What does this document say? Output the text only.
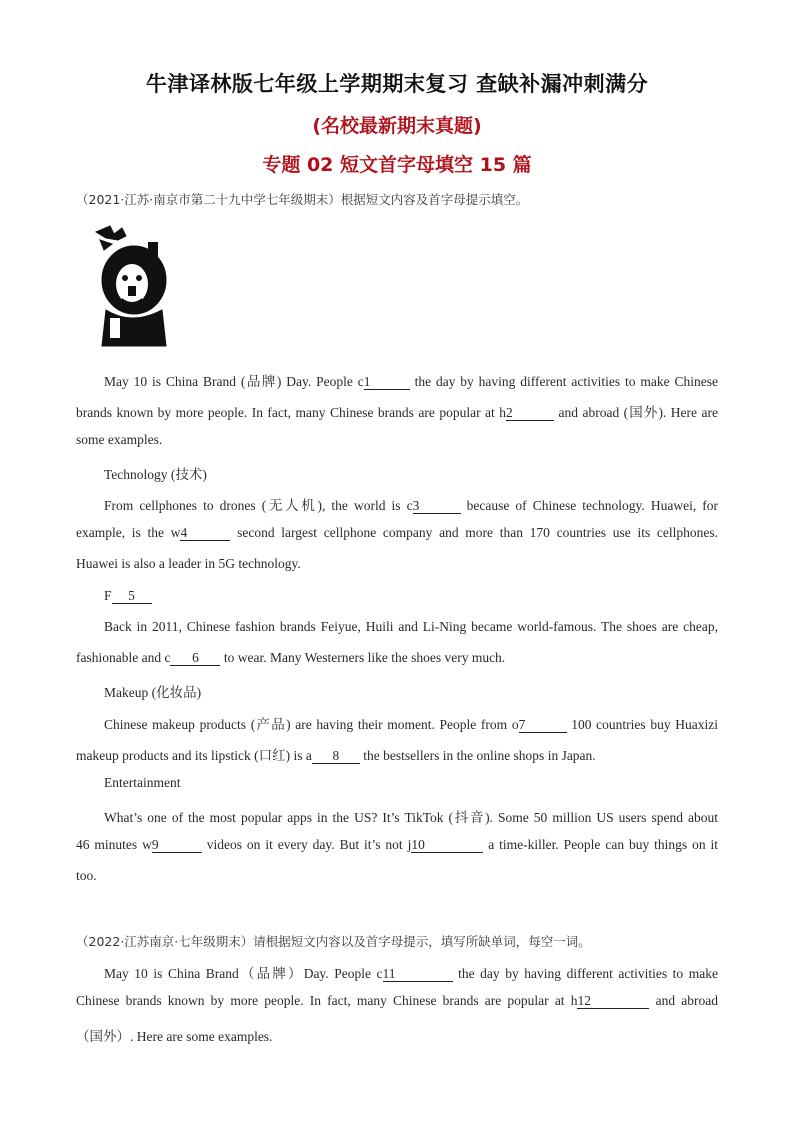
牛津译林版七年级上学期期末复习 查缺补漏冲刺满分
(名校最新期末真题)
专题 02 短文首字母填空 15 篇
（2021·江苏·南京市第二十九中学七年级期末）根据短文内容及首字母提示填空。
May 10 is China Brand (品牌) Day. People c1	the day by having different activities to make Chinese
brands known by more people. In fact, many Chinese brands are popular at h2	and abroad (国外). Here are
some examples.
Technology (技术)
From cellphones to drones (无人机), the world is c3	because of Chinese technology. Huawei, for
example, is the w4	second largest cellphone company and more than 170 countries use its cellphones.
Huawei is also a leader in 5G technology.
F 5
Back in 2011, Chinese fashion brands Feiyue, Huili and Li-Ning became world-famous. The shoes are cheap,
fashionable and c 6 to wear. Many Westerners like the shoes very much.
Makeup (化妆品)
Chinese makeup products (产品) are having their moment. People from o7	100 countries buy Huaxizi
makeup products and its lipstick (口红) is a 8 the bestsellers in the online shops in Japan.
Entertainment
What’s one of the most popular apps in the US? It’s TikTok (抖音). Some 50 million US users spend about
46 minutes w9	videos on it every day. But it’s not j10	a time-killer. People can buy things on it
too.
（2022·江苏南京·七年级期末）请根据短文内容以及首字母提示，填写所缺单词，每空一词。
May 10 is China Brand（品牌）Day. People c11	the day by having different activities to make
Chinese brands known by more people. In fact, many Chinese brands are popular at h12	and abroad
（国外）. Here are some examples.
